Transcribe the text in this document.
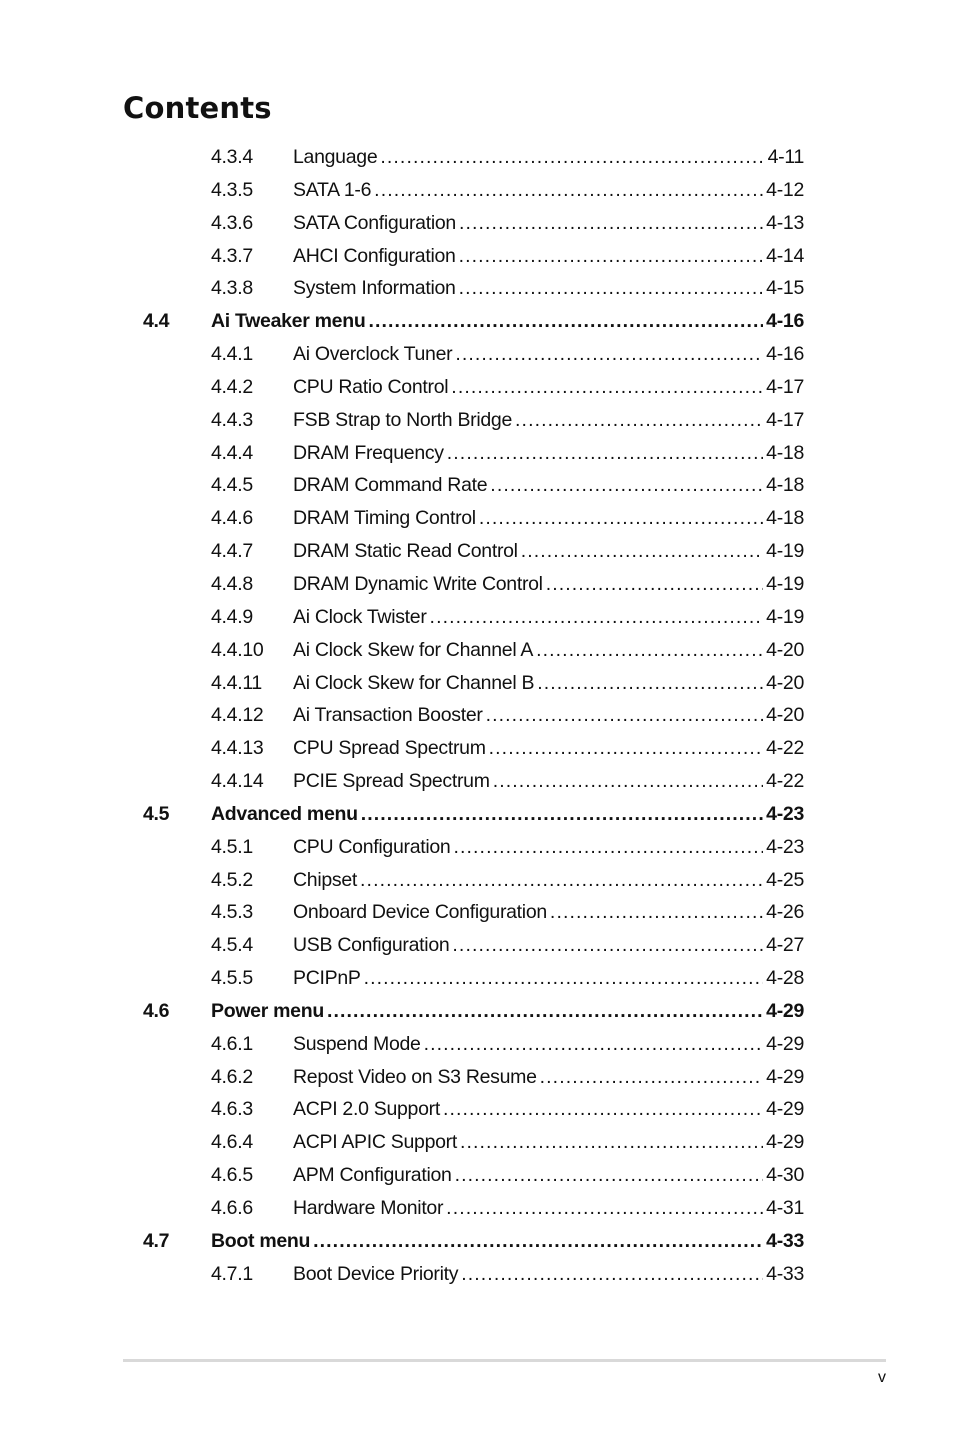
Contents
4.3.4 Language .....	4-11
4.3.5 SATA 1-6 .....	4-12
4.3.6 SATA Configuration .....	4-13
4.3.7 AHCI Configuration .....	4-14
4.3.8 System Information .....	4-15
4.4 Ai Tweaker menu .....	4-16
4.4.1 Ai Overclock Tuner .....	4-16
4.4.2 CPU Ratio Control .....	4-17
4.4.3 FSB Strap to North Bridge .....	4-17
4.4.4 DRAM Frequency .....	4-18
4.4.5 DRAM Command Rate .....	4-18
4.4.6 DRAM Timing Control .....	4-18
4.4.7 DRAM Static Read Control .....	4-19
4.4.8 DRAM Dynamic Write Control .....	4-19
4.4.9 Ai Clock Twister .....	4-19
4.4.10 Ai Clock Skew for Channel A .....	4-20
4.4.11 Ai Clock Skew for Channel B .....	4-20
4.4.12 Ai Transaction Booster .....	4-20
4.4.13 CPU Spread Spectrum .....	4-22
4.4.14 PCIE Spread Spectrum .....	4-22
4.5 Advanced menu .....	4-23
4.5.1 CPU Configuration .....	4-23
4.5.2 Chipset .....	4-25
4.5.3 Onboard Device Configuration .....	4-26
4.5.4 USB Configuration .....	4-27
4.5.5 PCIPnP .....	4-28
4.6 Power menu .....	4-29
4.6.1 Suspend Mode .....	4-29
4.6.2 Repost Video on S3 Resume .....	4-29
4.6.3 ACPI 2.0 Support .....	4-29
4.6.4 ACPI APIC Support .....	4-29
4.6.5 APM Configuration .....	4-30
4.6.6 Hardware Monitor .....	4-31
4.7 Boot menu .....	4-33
4.7.1 Boot Device Priority .....	4-33
v
